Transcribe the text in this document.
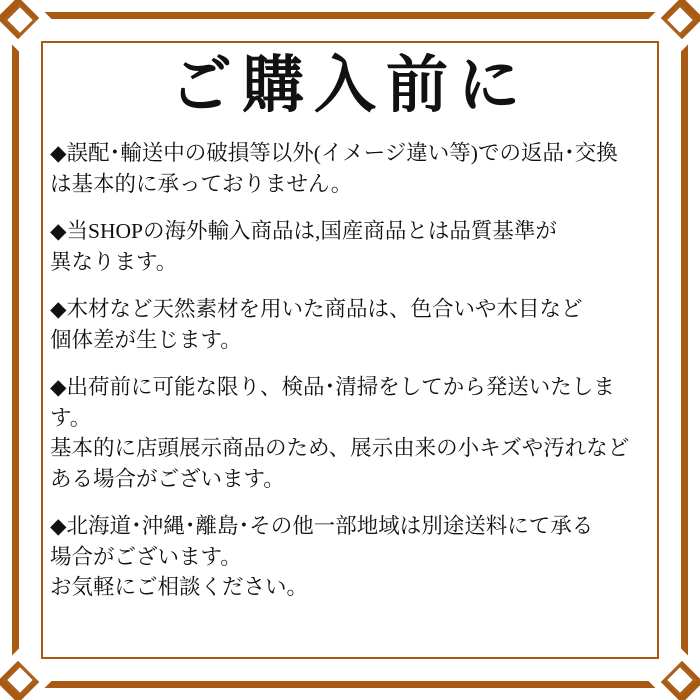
ご購入前に
◆誤配･輸送中の破損等以外(イメージ違い等)での返品･交換
は基本的に承っておりません。
◆当SHOPの海外輸入商品は,国産商品とは品質基準が
異なります。
◆木材など天然素材を用いた商品は、色合いや木目など
個体差が生じます。
◆出荷前に可能な限り、検品･清掃をしてから発送いたします。
基本的に店頭展示商品のため、展示由来の小キズや汚れなど
ある場合がございます。
◆北海道･沖縄･離島･その他一部地域は別途送料にて承る
場合がございます。
お気軽にご相談ください。
